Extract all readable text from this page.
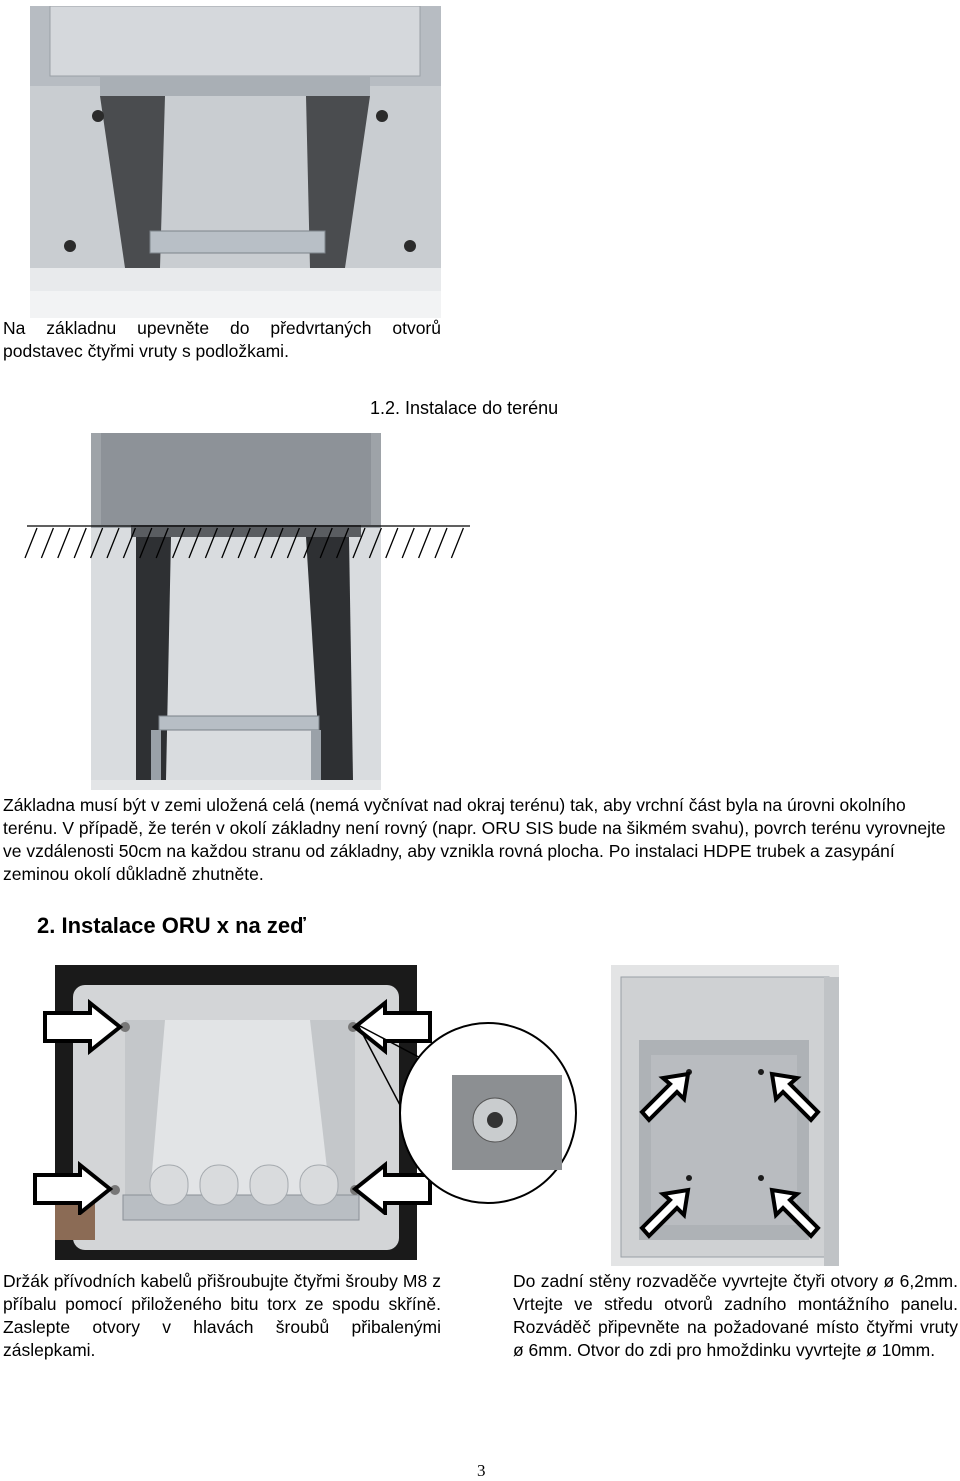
Na základnu upevněte do předvrtaných otvorů podstavec čtyřmi vruty s podložkami.

1.2. Instalace do terénu

Základna musí být v zemi uložená celá (nemá vyčnívat nad okraj terénu) tak, aby vrchní část byla na úrovni okolního terénu. V případě, že terén v okolí základny není rovný (napr. ORU SIS bude na šikmém svahu), povrch terénu vyrovnejte ve vzdálenosti 50cm na každou stranu od základny, aby vznikla rovná plocha. Po instalaci HDPE trubek a zasypání zeminou okolí důkladně zhutněte.

2. Instalace ORU x na zeď

Držák přívodních kabelů přišroubujte čtyřmi šrouby M8 z příbalu pomocí přiloženého bitu torx ze spodu skříně. Zaslepte otvory v hlavách šroubů přibalenými záslepkami.

Do zadní stěny rozvaděče vyvrtejte čtyři otvory ø 6,2mm. Vrtejte ve středu otvorů zadního montážního panelu. Rozváděč připevněte na požadované místo čtyřmi vruty ø 6mm. Otvor do zdi pro hmoždinku vyvrtejte ø 10mm.

3
